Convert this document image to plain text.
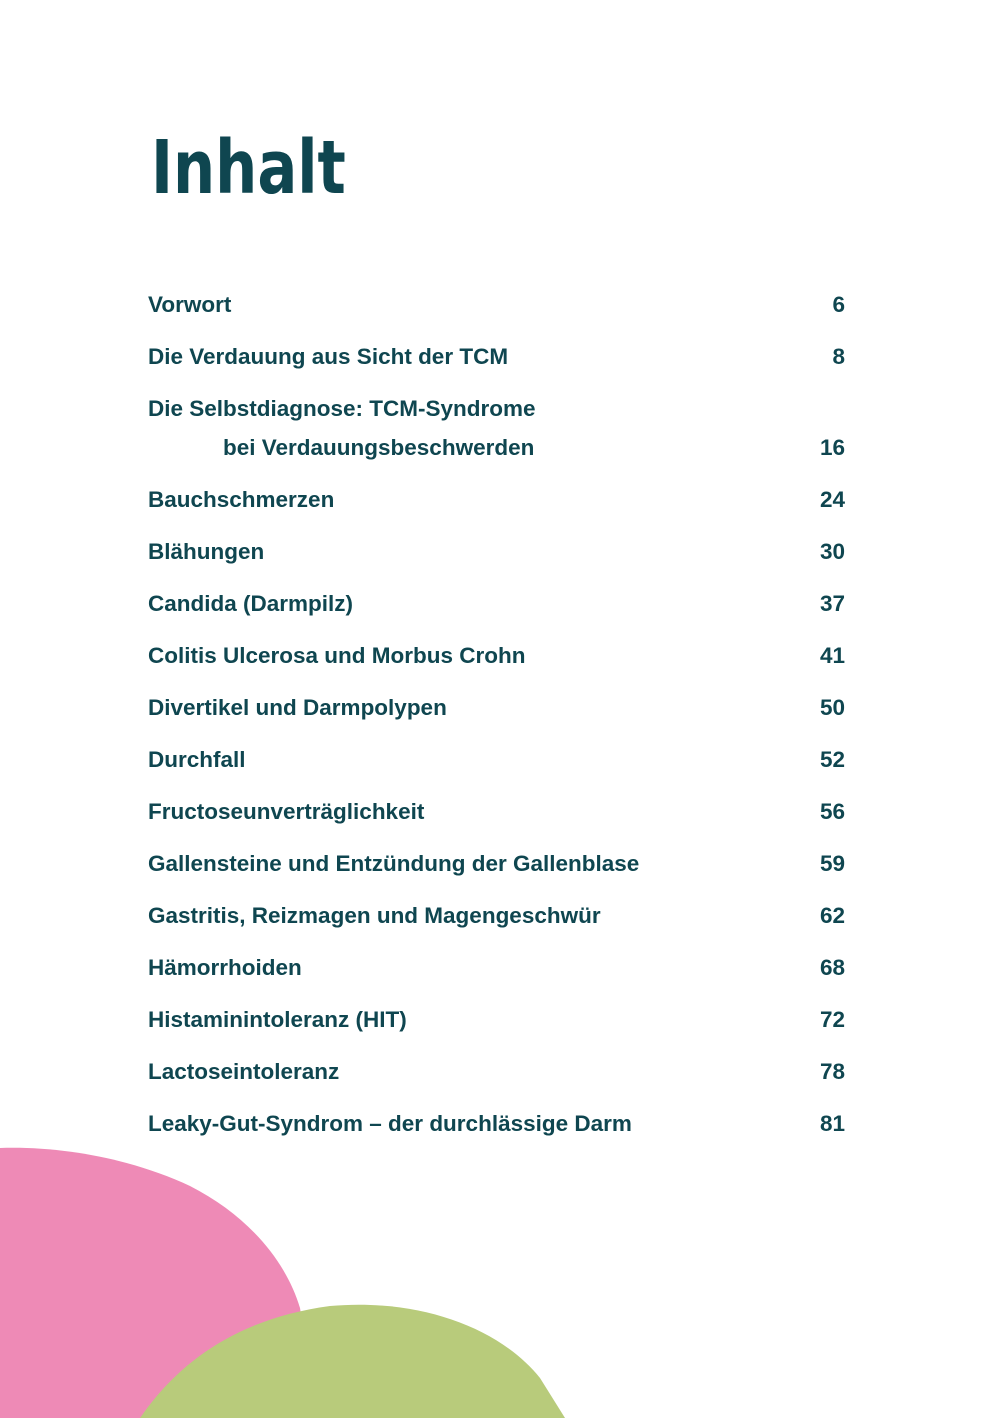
Inhalt
Vorwort	6
Die Verdauung aus Sicht der TCM	8
Die Selbstdiagnose: TCM-Syndrome
bei Verdauungsbeschwerden	16
Bauchschmerzen	24
Blähungen	30
Candida (Darmpilz)	37
Colitis Ulcerosa und Morbus Crohn	41
Divertikel und Darmpolypen	50
Durchfall	52
Fructoseunverträglichkeit	56
Gallensteine und Entzündung der Gallenblase	59
Gastritis, Reizmagen und Magengeschwür	62
Hämorrhoiden	68
Histaminintoleranz (HIT)	72
Lactoseintoleranz	78
Leaky-Gut-Syndrom – der durchlässige Darm	81
